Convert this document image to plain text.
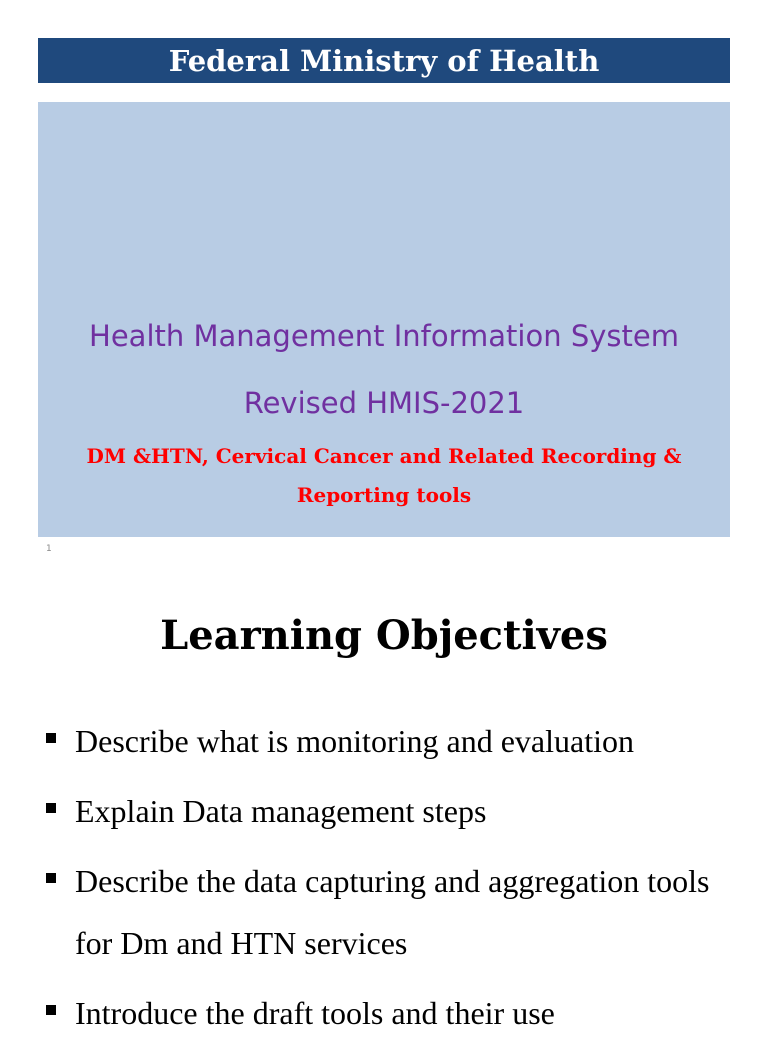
Federal Ministry of Health
Health Management Information System
Revised HMIS-2021
DM &HTN, Cervical Cancer and Related Recording & Reporting tools
1
Learning Objectives
Describe what is monitoring and evaluation
Explain Data management steps
Describe the data capturing and aggregation tools for Dm and HTN services
Introduce the draft tools and their use
